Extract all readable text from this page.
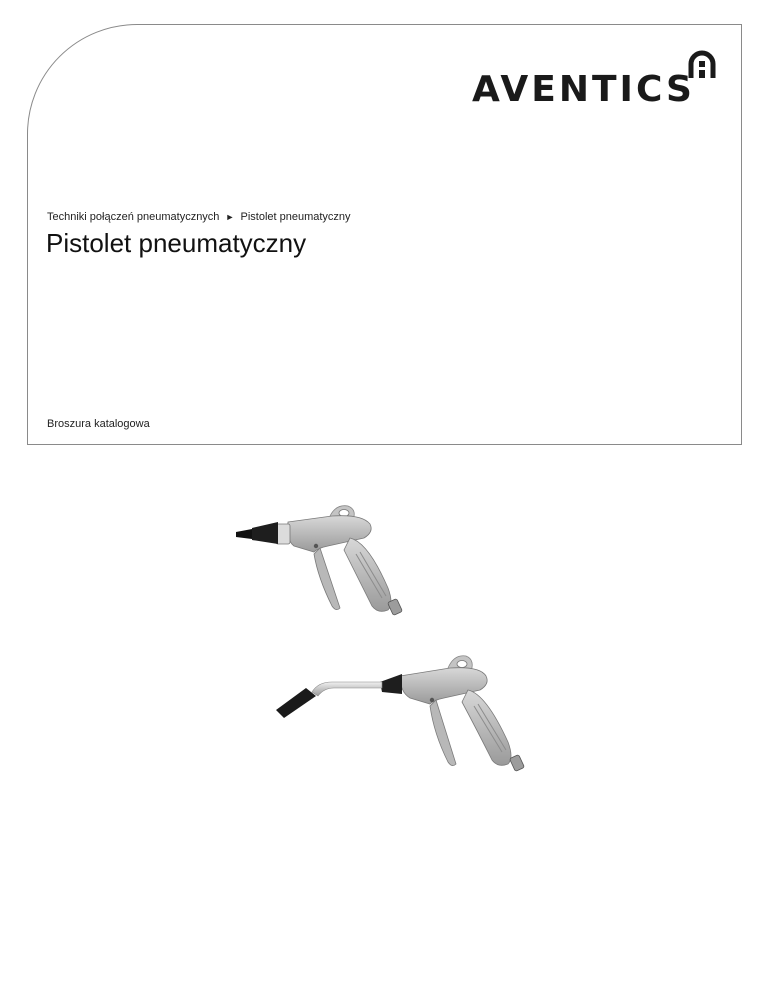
AVENTICS
Techniki połączeń pneumatycznych ► Pistolet pneumatyczny
Pistolet pneumatyczny
Broszura katalogowa
